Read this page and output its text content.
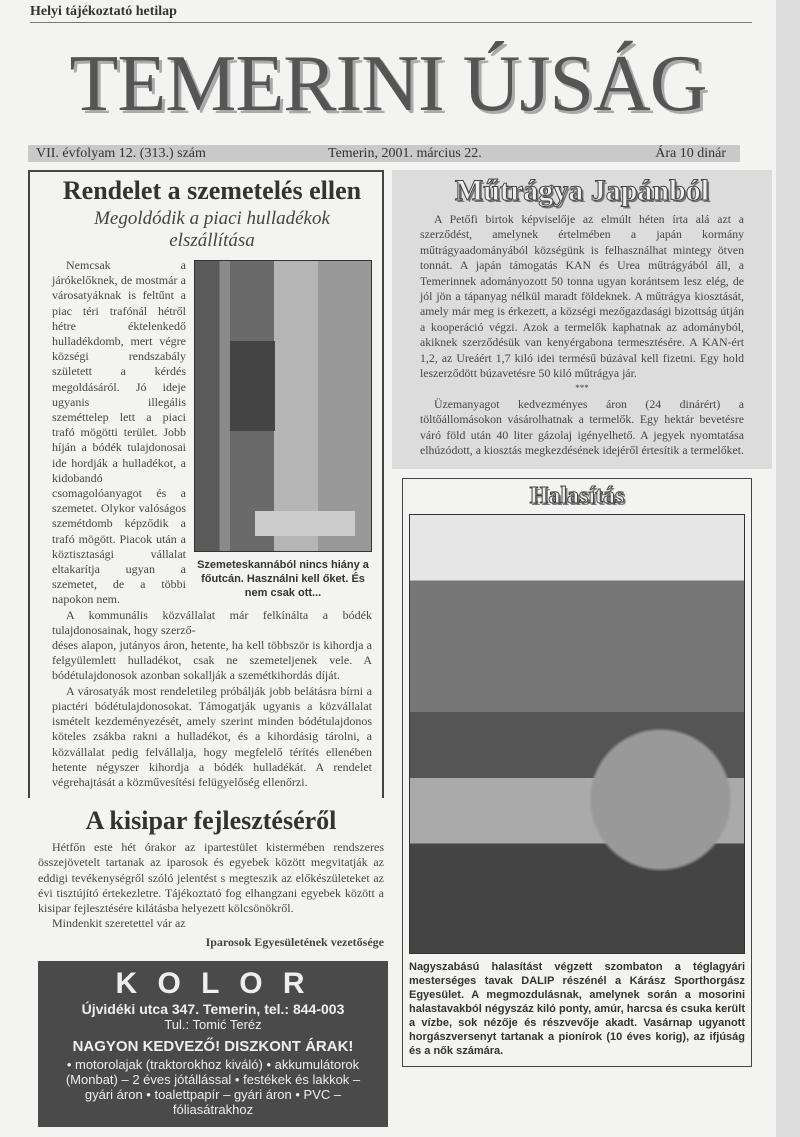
Helyi tájékoztató hetilap
TEMERINI ÚJSÁG
VII. évfolyam 12. (313.) szám	Temerin, 2001. március 22.	Ára 10 dinár
Rendelet a szemetelés ellen
Megoldódik a piaci hulladékok elszállítása
Szemeteskannából nincs hiány a főutcán. Használni kell őket. És nem csak ott...

Nemcsak a járókelőknek, de mostmár a városatyáknak is feltűnt a piac téri trafónál hétről hétre éktelenkedő hulladékdomb, mert végre községi rendszabály született a kérdés megoldásáról. Jó ideje ugyanis illegális szeméttelep lett a piaci trafó mögötti terület. Jobb híján a bódék tulajdonosai ide hordják a hulladékot, a kidobandó csomagolóanyagot és a szemetet. Olykor valóságos szemétdomb képződik a trafó mögött. Piacok után a köztisztasági vállalat eltakarítja ugyan a szemetet, de a többi napokon nem.

A kommunális közvállalat már felkínálta a bódék tulajdonosainak, hogy szerző-

déses alapon, jutányos áron, hetente, ha kell többször is kihordja a felgyülemlett hulladékot, csak ne szemeteljenek vele. A bódétulajdonosok azonban sokallják a szemétkihordás díját.

A városatyák most rendeletileg próbálják jobb belátásra bírni a piactéri bódétulajdonosokat. Támogatják ugyanis a közvállalat ismételt kezdeményezését, amely szerint minden bódétulajdonos köteles zsákba rakni a hulladékot, és a kihordásig tárolni, a közvállalat pedig felvállalja, hogy megfelelő térítés ellenében hetente négyszer kihordja a bódék hulladékát. A rendelet végrehajtását a közművesítési felügyelőség ellenőrzi.

A kisipar fejlesztéséről

Hétfőn este hét órakor az ipartestület kistermében rendszeres összejövetelt tartanak az iparosok és egyebek között megvitatják az eddigi tevékenységről szóló jelentést s megteszik az előkészületeket az évi tisztújító értekezletre. Tájékoztató fog elhangzani egyebek között a kisipar fejlesztésére kilátásba helyezett kölcsönökről.

Mindenkit szeretettel vár az

Iparosok Egyesületének vezetősége

K O L O R
Újvidéki utca 347. Temerin, tel.: 844-003
Tul.: Tomić Teréz
NAGYON KEDVEZŐ! DISZKONT ÁRAK!
• motorolajak (traktorokhoz kiváló) • akkumulátorok (Monbat) – 2 éves jótállással • festékek és lakkok – gyári áron • toalettpapír – gyári áron • PVC – fóliasátrakhoz
Műtrágya Japánból

A Petőfi birtok képviselője az elmúlt héten írta alá azt a szerződést, amelynek értelmében a japán kormány műtrágyaadományából községünk is felhasználhat mintegy ötven tonnát. A japán támogatás KAN és Urea műtrágyából áll, a Temerinnek adományozott 50 tonna ugyan korántsem lesz elég, de jól jön a tápanyag nélkül maradt földeknek. A műtrágya kiosztását, amely már meg is érkezett, a községi mezőgazdasági bizottság útján a kooperáció végzi. Azok a termelők kaphatnak az adományból, akiknek szerződésük van kenyérgabona termesztésére. A KAN-ért 1,2, az Ureáért 1,7 kiló idei termésű búzával kell fizetni. Egy hold leszerződött búzavetésre 50 kiló műtrágya jár.

***

Üzemanyagot kedvezményes áron (24 dinárért) a töltőállomásokon vásárolhatnak a termelők. Egy hektár bevetésre váró föld után 40 liter gázolaj igényelhető. A jegyek nyomtatása elhúzódott, a kiosztás megkezdésének idejéről értesítik a termelőket.

Halasítás
Nagyszabású halasítást végzett szombaton a téglagyári mesterséges tavak DALIP részénél a Kárász Sporthorgász Egyesület. A megmozdulásnak, amelynek során a mosorini halastavakból négyszáz kiló ponty, amúr, harcsa és csuka került a vízbe, sok nézője és részvevője akadt. Vasárnap ugyanott horgászversenyt tartanak a pionírok (10 éves korig), az ifjúság és a nők számára.
